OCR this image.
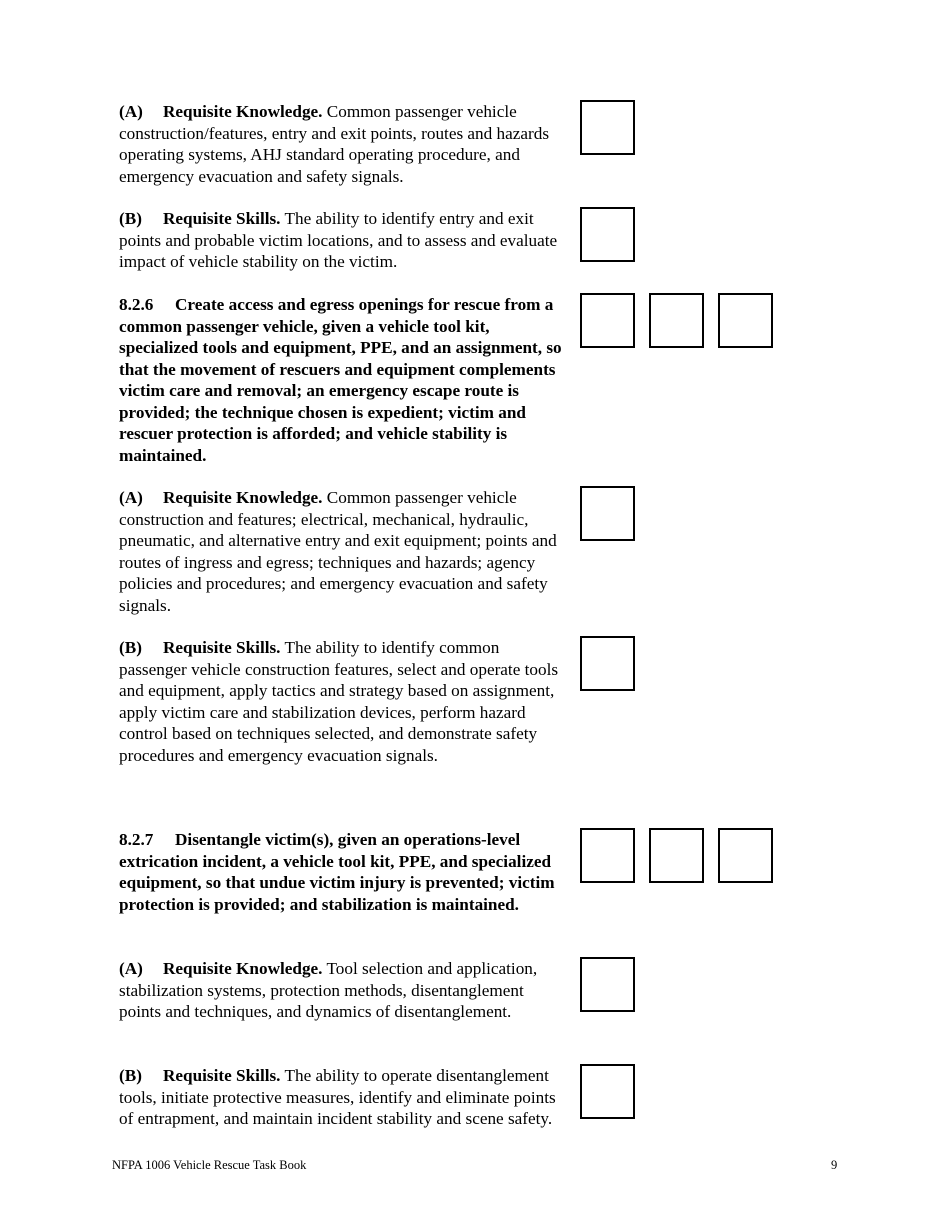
(A) Requisite Knowledge. Common passenger vehicle construction/features, entry and exit points, routes and hazards operating systems, AHJ standard operating procedure, and emergency evacuation and safety signals.

(B) Requisite Skills. The ability to identify entry and exit points and probable victim locations, and to assess and evaluate impact of vehicle stability on the victim.

8.2.6 Create access and egress openings for rescue from a common passenger vehicle, given a vehicle tool kit, specialized tools and equipment, PPE, and an assignment, so that the movement of rescuers and equipment complements victim care and removal; an emergency escape route is provided; the technique chosen is expedient; victim and rescuer protection is afforded; and vehicle stability is maintained.

(A) Requisite Knowledge. Common passenger vehicle construction and features; electrical, mechanical, hydraulic, pneumatic, and alternative entry and exit equipment; points and routes of ingress and egress; techniques and hazards; agency policies and procedures; and emergency evacuation and safety signals.

(B) Requisite Skills. The ability to identify common passenger vehicle construction features, select and operate tools and equipment, apply tactics and strategy based on assignment, apply victim care and stabilization devices, perform hazard control based on techniques selected, and demonstrate safety procedures and emergency evacuation signals.

8.2.7 Disentangle victim(s), given an operations-level extrication incident, a vehicle tool kit, PPE, and specialized equipment, so that undue victim injury is prevented; victim protection is provided; and stabilization is maintained.

(A) Requisite Knowledge. Tool selection and application, stabilization systems, protection methods, disentanglement points and techniques, and dynamics of disentanglement.

(B) Requisite Skills. The ability to operate disentanglement tools, initiate protective measures, identify and eliminate points of entrapment, and maintain incident stability and scene safety.

NFPA 1006 Vehicle Rescue Task Book	9
